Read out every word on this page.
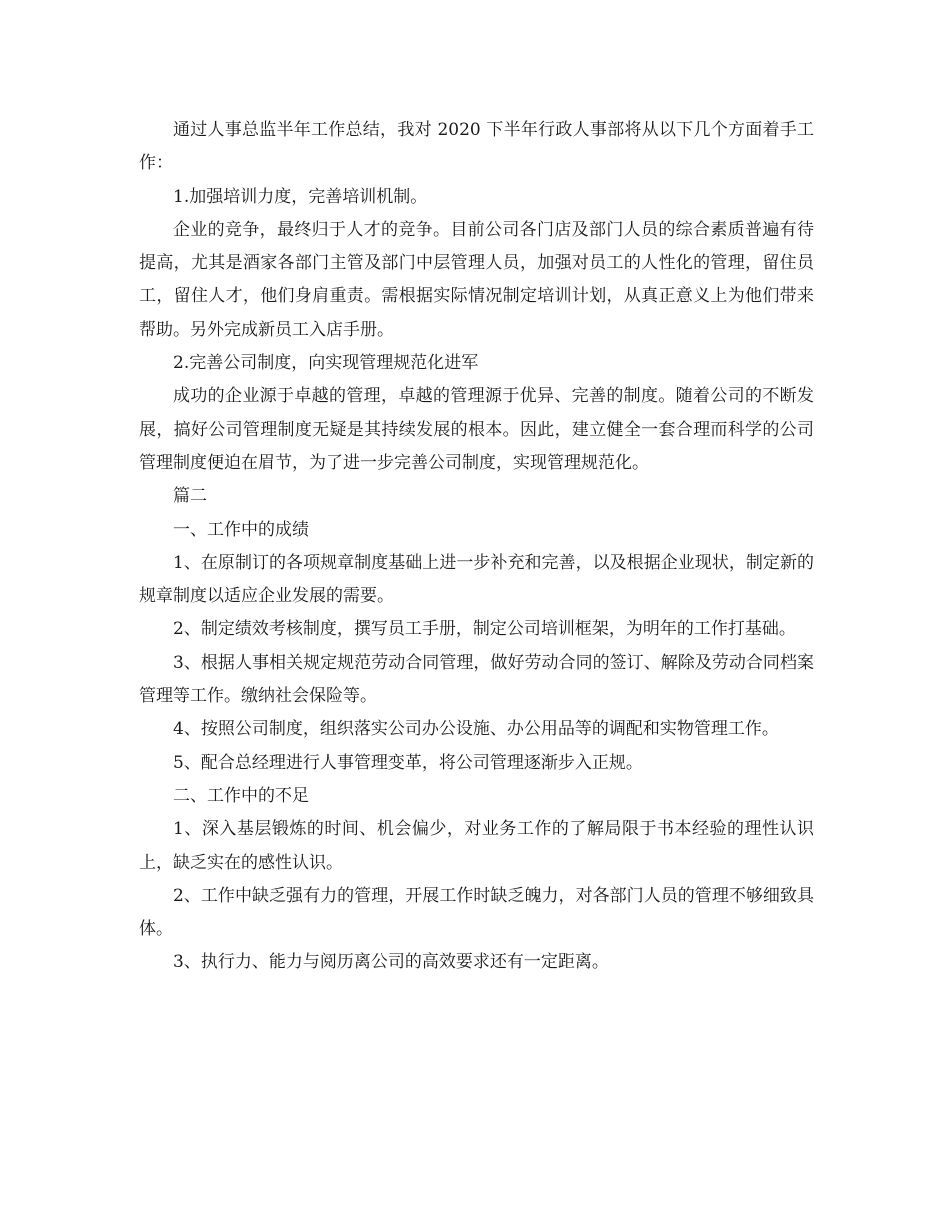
通过人事总监半年工作总结，我对 2020 下半年行政人事部将从以下几个方面着手工作：

1.加强培训力度，完善培训机制。

企业的竞争，最终归于人才的竞争。目前公司各门店及部门人员的综合素质普遍有待提高，尤其是酒家各部门主管及部门中层管理人员，加强对员工的人性化的管理，留住员工，留住人才，他们身肩重责。需根据实际情况制定培训计划，从真正意义上为他们带来帮助。另外完成新员工入店手册。

2.完善公司制度，向实现管理规范化进军

成功的企业源于卓越的管理，卓越的管理源于优异、完善的制度。随着公司的不断发展，搞好公司管理制度无疑是其持续发展的根本。因此，建立健全一套合理而科学的公司管理制度便迫在眉节，为了进一步完善公司制度，实现管理规范化。

篇二

一、工作中的成绩

1、在原制订的各项规章制度基础上进一步补充和完善，以及根据企业现状，制定新的规章制度以适应企业发展的需要。

2、制定绩效考核制度，撰写员工手册，制定公司培训框架，为明年的工作打基础。

3、根据人事相关规定规范劳动合同管理，做好劳动合同的签订、解除及劳动合同档案管理等工作。缴纳社会保险等。

4、按照公司制度，组织落实公司办公设施、办公用品等的调配和实物管理工作。

5、配合总经理进行人事管理变革，将公司管理逐渐步入正规。

二、工作中的不足

1、深入基层锻炼的时间、机会偏少，对业务工作的了解局限于书本经验的理性认识上，缺乏实在的感性认识。

2、工作中缺乏强有力的管理，开展工作时缺乏魄力，对各部门人员的管理不够细致具体。

3、执行力、能力与阅历离公司的高效要求还有一定距离。
